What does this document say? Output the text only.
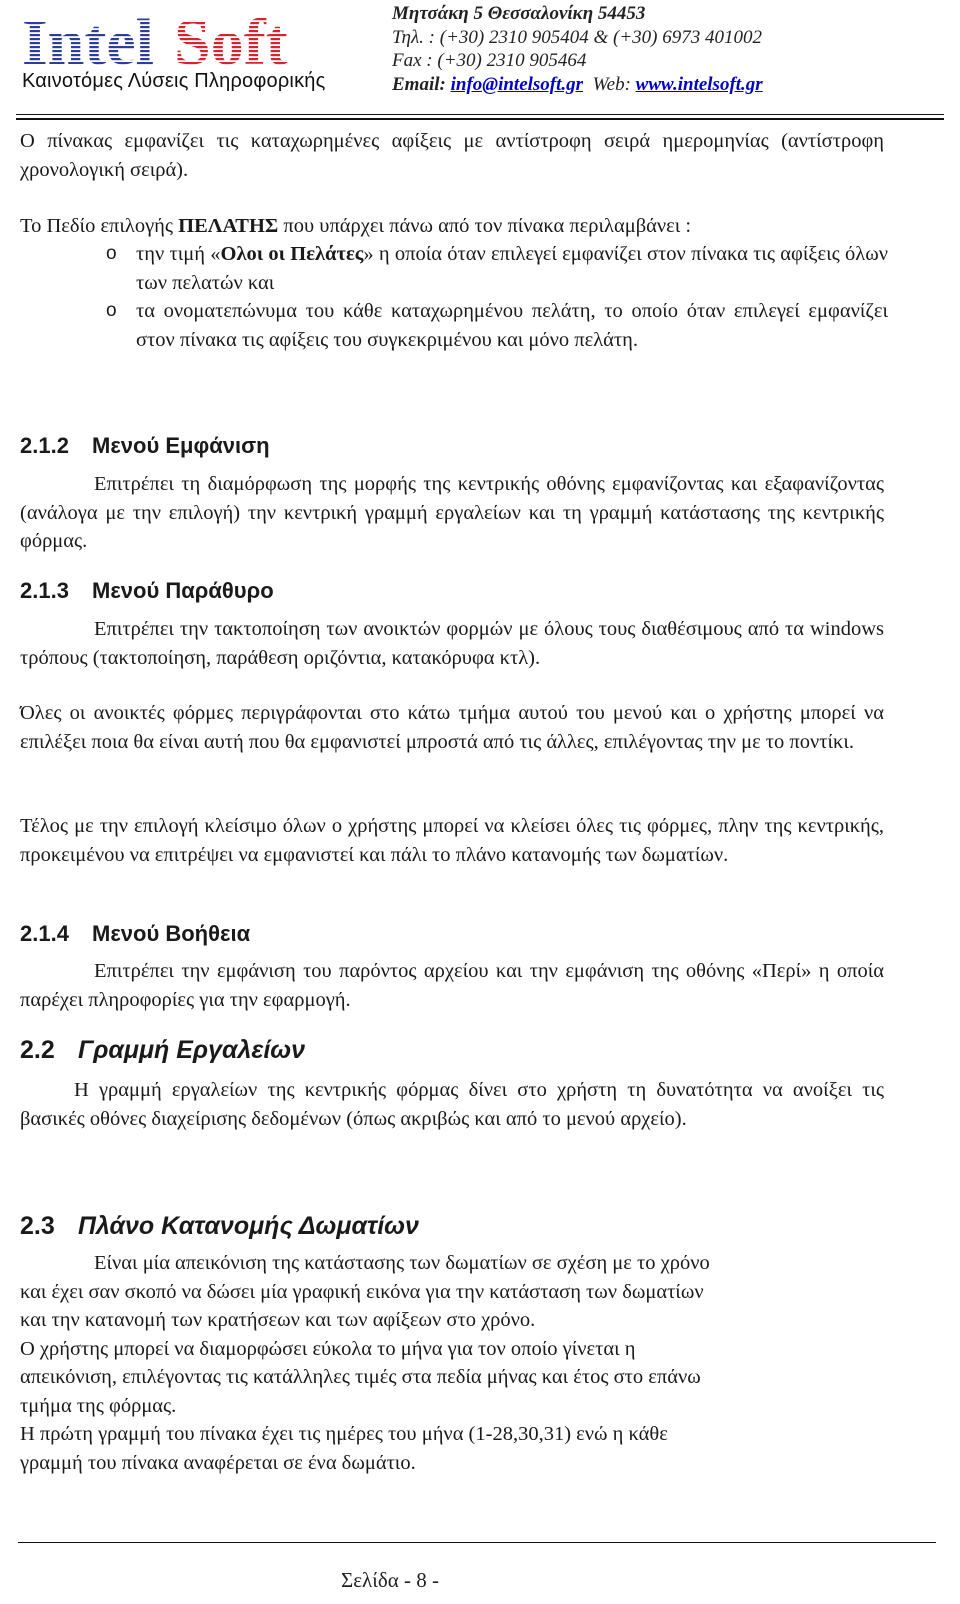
Intel Soft
Καινοτόμες Λύσεις Πληροφορικής
Μητσάκη 5 Θεσσαλονίκη 54453
Τηλ. : (+30) 2310 905404 & (+30) 6973 401002
Fax : (+30) 2310 905464
Email: info@intelsoft.gr Web: www.intelsoft.gr

Ο πίνακας εμφανίζει τις καταχωρημένες αφίξεις με αντίστροφη σειρά ημερομηνίας (αντίστροφη χρονολογική σειρά).

Το Πεδίο επιλογής ΠΕΛΑΤΗΣ που υπάρχει πάνω από τον πίνακα περιλαμβάνει :

o την τιμή «Ολοι οι Πελάτες» η οποία όταν επιλεγεί εμφανίζει στον πίνακα τις αφίξεις όλων των πελατών και

o τα ονοματεπώνυμα του κάθε καταχωρημένου πελάτη, το οποίο όταν επιλεγεί εμφανίζει στον πίνακα τις αφίξεις του συγκεκριμένου και μόνο πελάτη.

2.1.2 Μενού Εμφάνιση

Επιτρέπει τη διαμόρφωση της μορφής της κεντρικής οθόνης εμφανίζοντας και εξαφανίζοντας (ανάλογα με την επιλογή) την κεντρική γραμμή εργαλείων και τη γραμμή κατάστασης της κεντρικής φόρμας.

2.1.3 Μενού Παράθυρο

Επιτρέπει την τακτοποίηση των ανοικτών φορμών με όλους τους διαθέσιμους από τα windows τρόπους (τακτοποίηση, παράθεση οριζόντια, κατακόρυφα κτλ).

Όλες οι ανοικτές φόρμες περιγράφονται στο κάτω τμήμα αυτού του μενού και ο χρήστης μπορεί να επιλέξει ποια θα είναι αυτή που θα εμφανιστεί μπροστά από τις άλλες, επιλέγοντας την με το ποντίκι.

Τέλος με την επιλογή κλείσιμο όλων ο χρήστης μπορεί να κλείσει όλες τις φόρμες, πλην της κεντρικής, προκειμένου να επιτρέψει να εμφανιστεί και πάλι το πλάνο κατανομής των δωματίων.

2.1.4 Μενού Βοήθεια

Επιτρέπει την εμφάνιση του παρόντος αρχείου και την εμφάνιση της οθόνης «Περί» η οποία παρέχει πληροφορίες για την εφαρμογή.

2.2 Γραμμή Εργαλείων

Η γραμμή εργαλείων της κεντρικής φόρμας δίνει στο χρήστη τη δυνατότητα να ανοίξει τις βασικές οθόνες διαχείρισης δεδομένων (όπως ακριβώς και από το μενού αρχείο).

2.3 Πλάνο Κατανομής Δωματίων
Είναι μία απεικόνιση της κατάστασης των δωματίων σε σχέση με το χρόνο
και έχει σαν σκοπό να δώσει μία γραφική εικόνα για την κατάσταση των δωματίων
και την κατανομή των κρατήσεων και των αφίξεων στο χρόνο.
Ο χρήστης μπορεί να διαμορφώσει εύκολα το μήνα για τον οποίο γίνεται η
απεικόνιση, επιλέγοντας τις κατάλληλες τιμές στα πεδία μήνας και έτος στο επάνω
τμήμα της φόρμας.
Η πρώτη γραμμή του πίνακα έχει τις ημέρες του μήνα (1-28,30,31) ενώ η κάθε
γραμμή του πίνακα αναφέρεται σε ένα δωμάτιο.
Σελίδα - 8 -
